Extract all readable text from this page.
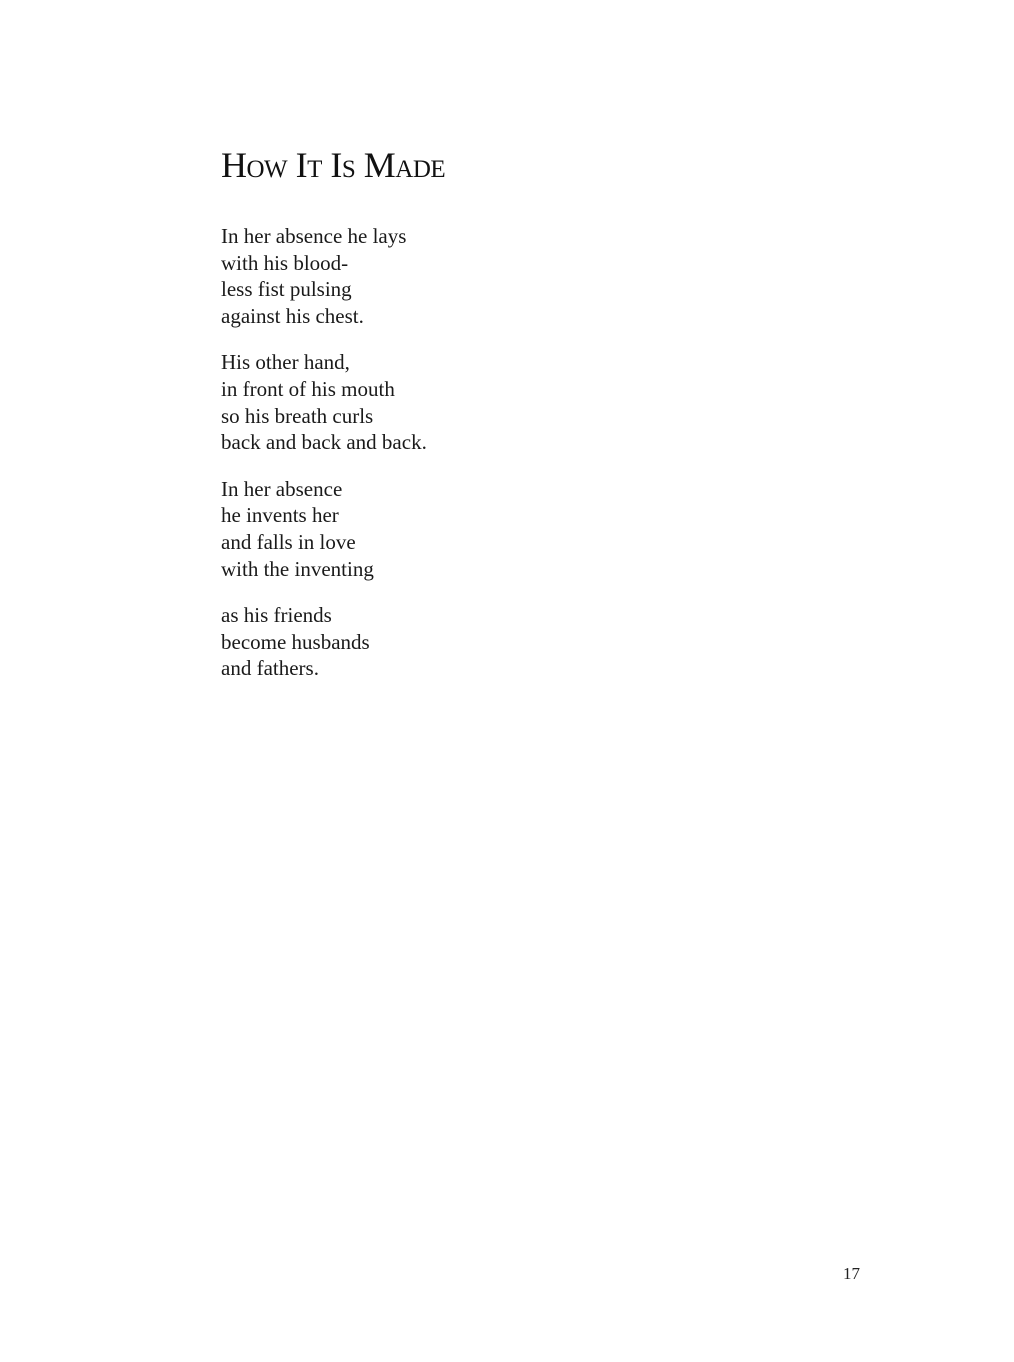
How It Is Made

In her absence he lays
with his blood-
less fist pulsing
against his chest.

His other hand,
in front of his mouth
so his breath curls
back and back and back.

In her absence
he invents her
and falls in love
with the inventing

as his friends
become husbands
and fathers.

17
